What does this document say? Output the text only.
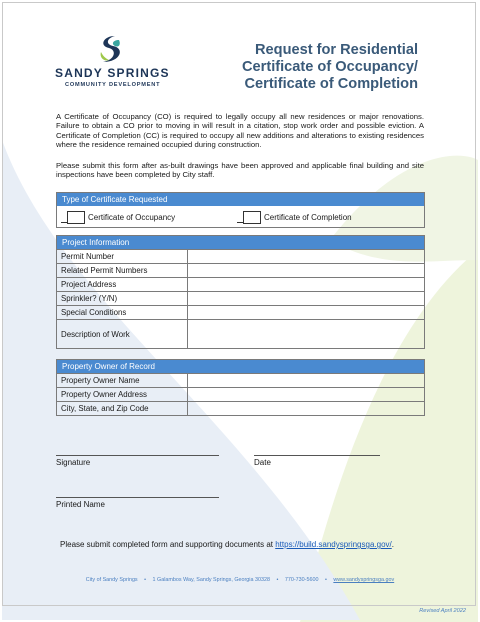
SANDY SPRINGS
COMMUNITY DEVELOPMENT
Request for Residential
Certificate of Occupancy/
Certificate of Completion
A Certificate of Occupancy (CO) is required to legally occupy all new residences or major renovations. Failure to obtain a CO prior to moving in will result in a citation, stop work order and possible eviction. A Certificate of Completion (CC) is required to occupy all new additions and alterations to existing residences where the residence remained occupied during construction.
Please submit this form after as-built drawings have been approved and applicable final building and site inspections have been completed by City staff.
Type of Certificate Requested
Certificate of Occupancy	Certificate of Completion
Project Information
Permit Number
Related Permit Numbers
Project Address
Sprinkler? (Y/N)
Special Conditions
Description of Work
Property Owner of Record
Property Owner Name
Property Owner Address
City, State, and Zip Code
Signature	Date
Printed Name
Please submit completed form and supporting documents at https://build.sandyspringsga.gov/.
City of Sandy Springs • 1 Galambos Way, Sandy Springs, Georgia 30328 • 770-730-5600 • www.sandyspringsga.gov
Revised April 2022
